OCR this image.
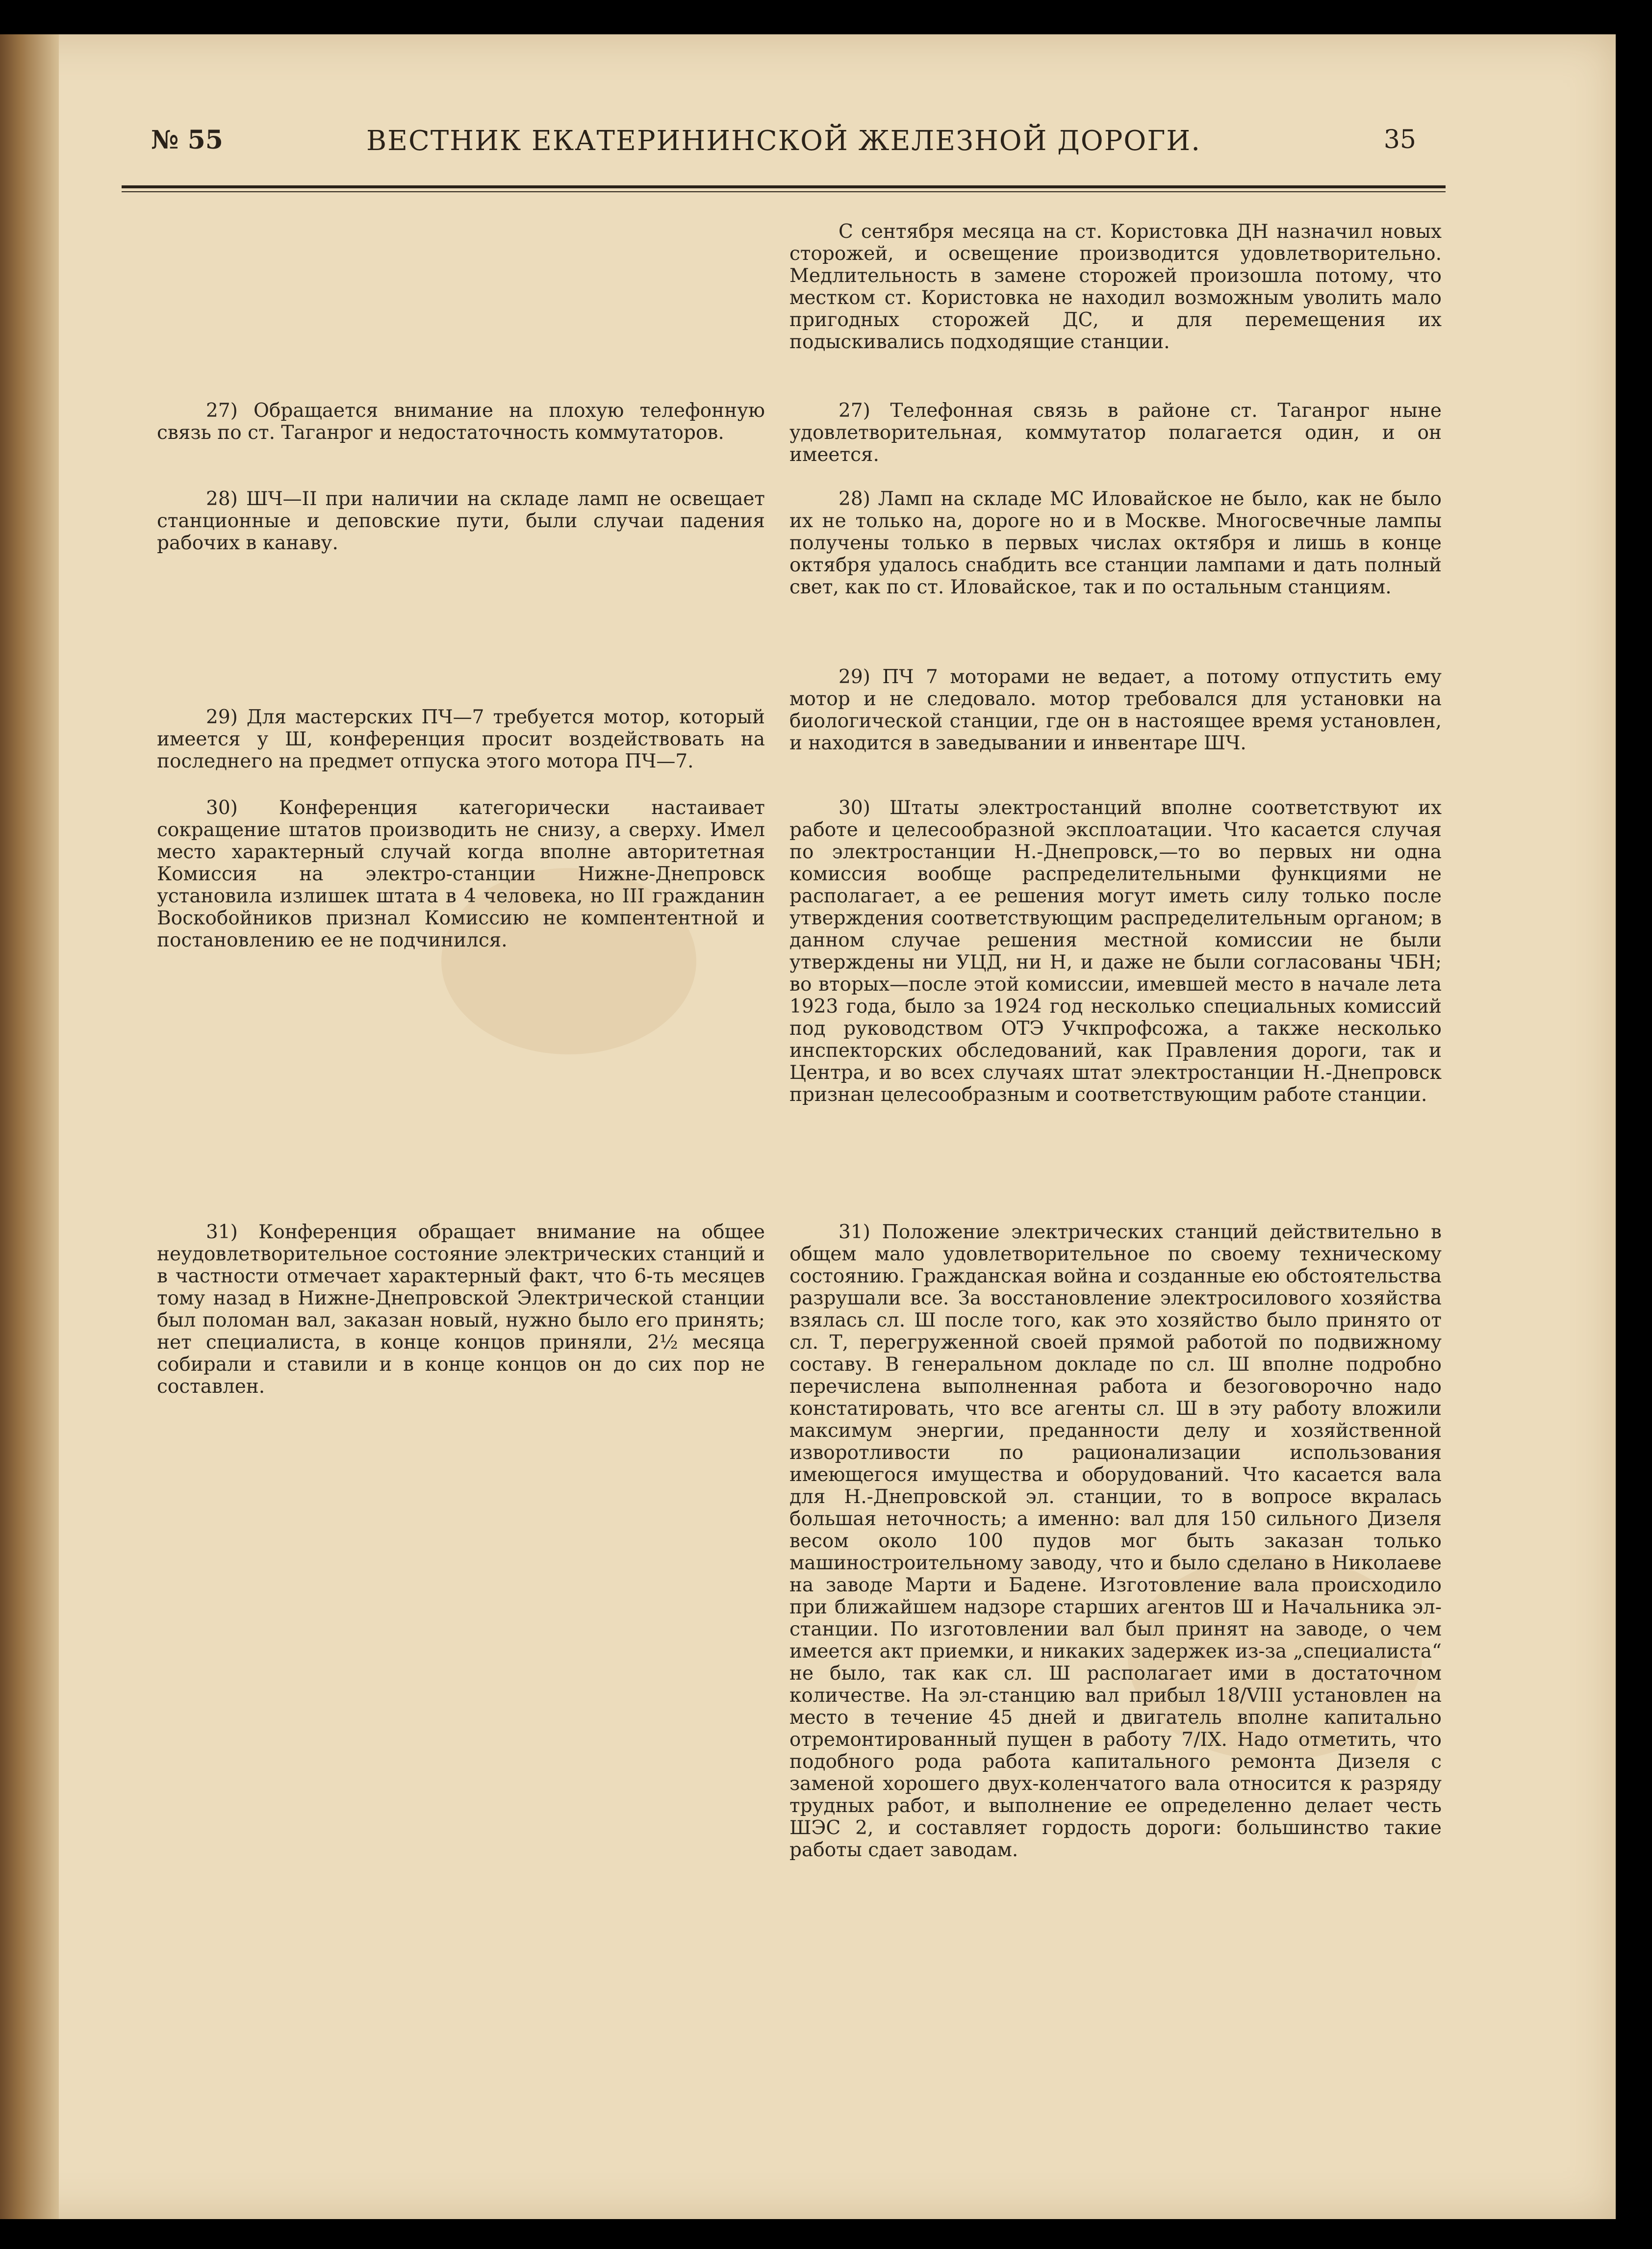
№ 55	ВЕСТНИК ЕКАТЕРИНИНСКОЙ ЖЕЛЕЗНОЙ ДОРОГИ.	35

27) Обращается внимание на плохую телефонную связь по ст. Таганрог и недостаточность коммутаторов.

28) ШЧ—II при наличии на складе ламп не освещает станционные и деповские пути, были случаи падения рабочих в канаву.

29) Для мастерских ПЧ—7 требуется мотор, который имеется у Ш, конференция просит воздействовать на последнего на предмет отпуска этого мотора ПЧ—7.

30) Конференция категорически настаивает сокращение штатов производить не снизу, а сверху. Имел место характерный случай когда вполне авторитетная Комиссия на электро-станции Нижне-Днепровск установила излишек штата в 4 человека, но III гражданин Воскобойников признал Комиссию не компентентной и постановлению ее не подчинился.

31) Конференция обращает внимание на общее неудовлетворительное состояние электрических станций и в частности отмечает характерный факт, что 6-ть месяцев тому назад в Нижне-Днепровской Электрической станции был поломан вал, заказан новый, нужно было его принять; нет специалиста, в конце концов приняли, 2½ месяца собирали и ставили и в конце концов он до сих пор не составлен.

С сентября месяца на ст. Коpистовка ДН назначил новых сторожей, и освещение производится удовлетворительно. Медлительность в замене сторожей произошла потому, что местком ст. Коpистовка не находил возможным уволить мало пригодных сторожей ДС, и для перемещения их подыскивались подходящие станции.

27) Телефонная связь в районе ст. Таганрог ныне удовлетворительная, коммутатор полагается один, и он имеется.

28) Ламп на складе МС Иловайское не было, как не было их не только на, дороге но и в Москве. Многосвечные лампы получены только в первых числах октября и лишь в конце октября удалось снабдить все станции лампами и дать полный свет, как по ст. Иловайское, так и по остальным станциям.

29) ПЧ 7 моторами не ведает, а потому отпустить ему мотор и не следовало. мотор требовался для установки на биологической станции, где он в настоящее время установлен, и находится в заведывании и инвентаре ШЧ.

30) Штаты электростанций вполне соответствуют их работе и целесообразной эксплоатации. Что касается случая по электростанции Н.-Днепровск,—то во первых ни одна комиссия вообще распределительными функциями не располагает, а ее решения могут иметь силу только после утверждения соответствующим распределительным органом; в данном случае решения местной комиссии не были утверждены ни УЦД, ни Н, и даже не были согласованы ЧБН; во вторых—после этой комиссии, имевшей место в начале лета 1923 года, было за 1924 год несколько специальных комиссий под руководством ОТЭ Учкпрофсожа, а также несколько инспекторских обследований, как Правления дороги, так и Центра, и во всех случаях штат электростанции Н.-Днепровск признан целесообразным и соответствующим работе станции.

31) Положение электрических станций действительно в общем мало удовлетворительное по своему техническому состоянию. Гражданская война и созданные ею обстоятельства разрушали все. За восстановление электросилового хозяйства взялась сл. Ш после того, как это хозяйство было принято от сл. Т, перегруженной своей прямой работой по подвижному составу. В генеральном докладе по сл. Ш вполне подробно перечислена выполненная работа и безоговорочно надо констатировать, что все агенты сл. Ш в эту работу вложили максимум энергии, преданности делу и хозяйственной изворотливости по рационализации использования имеющегося имущества и оборудований. Что касается вала для Н.-Днепровской эл. станции, то в вопросе вкралась большая неточность; а именно: вал для 150 сильного Дизеля весом около 100 пудов мог быть заказан только машиностроительному заводу, что и было сделано в Николаеве на заводе Марти и Бадене. Изготовление вала происходило при ближайшем надзоре старших агентов Ш и Начальника эл-станции. По изготовлении вал был принят на заводе, о чем имеется акт приемки, и никаких задержек из-за „специалиста“ не было, так как сл. Ш располагает ими в достаточном количестве. На эл-станцию вал прибыл 18/VIII установлен на место в течение 45 дней и двигатель вполне капитально отремонтированный пущен в работу 7/IX. Надо отметить, что подобного рода работа капитального ремонта Дизеля с заменой хорошего двух-коленчатого вала относится к разряду трудных работ, и выполнение ее определенно делает честь ШЭС 2, и составляет гордость дороги: большинство такие работы сдает заводам.
